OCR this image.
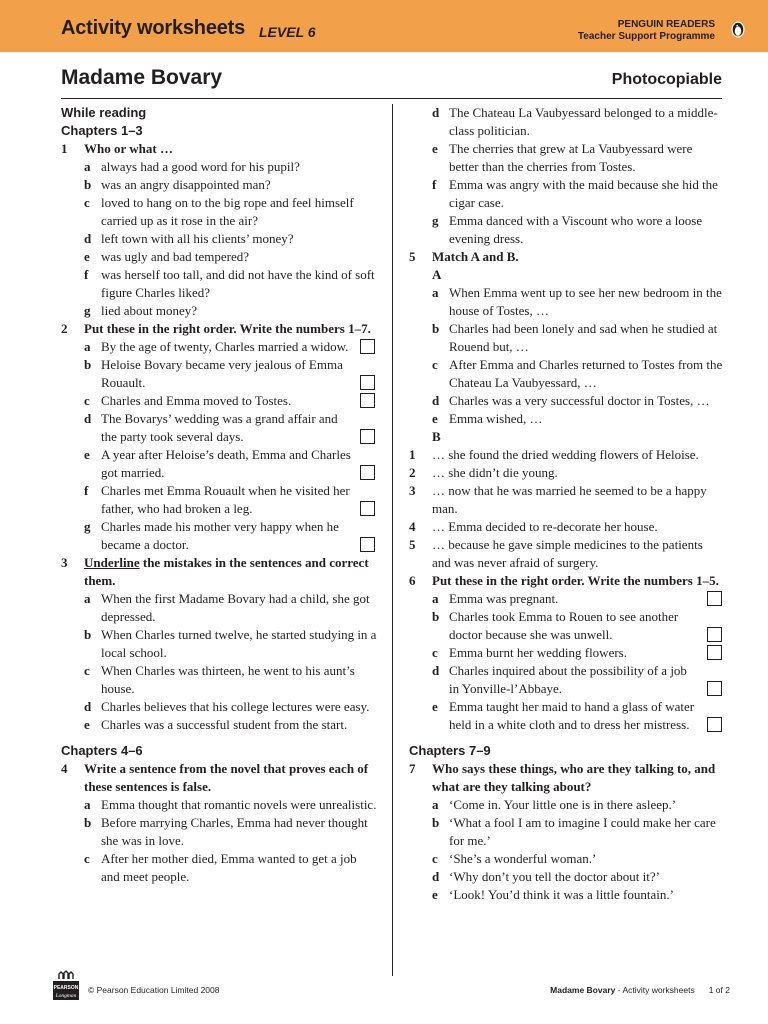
Activity worksheets LEVEL 6	PENGUIN READERS
Teacher Support Programme
Madame Bovary	Photocopiable
While reading
Chapters 1–3
1	Who or what …
a always had a good word for his pupil?
b was an angry disappointed man?
c loved to hang on to the big rope and feel himself carried up as it rose in the air?
d left town with all his clients’ money?
e was ugly and bad tempered?
f was herself too tall, and did not have the kind of soft figure Charles liked?
g lied about money?
2	Put these in the right order. Write the numbers 1–7.
a By the age of twenty, Charles married a widow.
b Heloise Bovary became very jealous of Emma Rouault.
c Charles and Emma moved to Tostes.
d The Bovarys’ wedding was a grand affair and the party took several days.
e A year after Heloise’s death, Emma and Charles got married.
f Charles met Emma Rouault when he visited her father, who had broken a leg.
g Charles made his mother very happy when he became a doctor.
3	Underline the mistakes in the sentences and correct them.
a When the first Madame Bovary had a child, she got depressed.
b When Charles turned twelve, he started studying in a local school.
c When Charles was thirteen, he went to his aunt’s house.
d Charles believes that his college lectures were easy.
e Charles was a successful student from the start.
Chapters 4–6
4	Write a sentence from the novel that proves each of these sentences is false.
a Emma thought that romantic novels were unrealistic.
b Before marrying Charles, Emma had never thought she was in love.
c After her mother died, Emma wanted to get a job and meet people.
d The Chateau La Vaubyessard belonged to a middle-class politician.
e The cherries that grew at La Vaubyessard were better than the cherries from Tostes.
f Emma was angry with the maid because she hid the cigar case.
g Emma danced with a Viscount who wore a loose evening dress.
5	Match A and B.
A
a When Emma went up to see her new bedroom in the house of Tostes, …
b Charles had been lonely and sad when he studied at Rouend but, …
c After Emma and Charles returned to Tostes from the Chateau La Vaubyessard, …
d Charles was a very successful doctor in Tostes, …
e Emma wished, …
B
1	… she found the dried wedding flowers of Heloise.
2	… she didn’t die young.
3	… now that he was married he seemed to be a happy man.
4	… Emma decided to re-decorate her house.
5	… because he gave simple medicines to the patients and was never afraid of surgery.
6	Put these in the right order. Write the numbers 1–5.
a Emma was pregnant.
b Charles took Emma to Rouen to see another doctor because she was unwell.
c Emma burnt her wedding flowers.
d Charles inquired about the possibility of a job in Yonville-l’Abbaye.
e Emma taught her maid to hand a glass of water held in a white cloth and to dress her mistress.
Chapters 7–9
7	Who says these things, who are they talking to, and what are they talking about?
a ‘Come in. Your little one is in there asleep.’
b ‘What a fool I am to imagine I could make her care for me.’
c ‘She’s a wonderful woman.’
d ‘Why don’t you tell the doctor about it?’
e ‘Look! You’d think it was a little fountain.’
PEARSON
Longman
© Pearson Education Limited 2008	Madame Bovary - Activity worksheets 1 of 2
